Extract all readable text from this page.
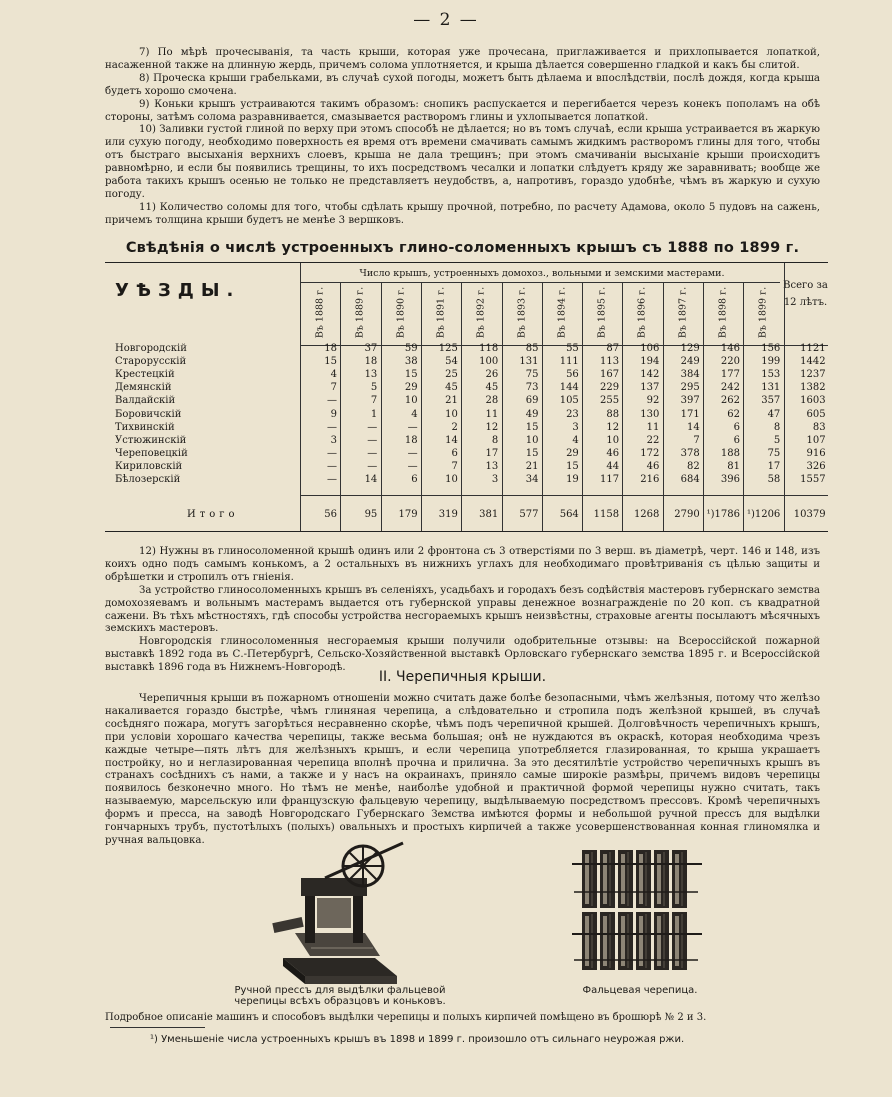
— 2 —

7) По мѣрѣ прочесыванія, та часть крыши, которая уже прочесана, приглаживается и прихлопывается лопаткой, насаженной также на длинную жердь, причемъ солома уплотняется, и крыша дѣлается совершенно гладкой и какъ бы слитой.

8) Проческа крыши грабельками, въ случаѣ сухой погоды, можетъ быть дѣлаема и впослѣдствіи, послѣ дождя, когда крыша будетъ хорошо смочена.

9) Коньки крышъ устраиваются такимъ образомъ: снопикъ распускается и перегибается черезъ конекъ пополамъ на обѣ стороны, затѣмъ солома разравнивается, смазывается растворомъ глины и ухлопывается лопаткой.

10) Заливки густой глиной по верху при этомъ способѣ не дѣлается; но въ томъ случаѣ, если крыша устраивается въ жаркую или сухую погоду, необходимо поверхность ея время отъ времени смачивать самымъ жидкимъ растворомъ глины для того, чтобы отъ быстраго высыханія верхнихъ слоевъ, крыша не дала трещинъ; при этомъ смачиваніи высыханіе крыши происходитъ равномѣрно, и если бы появились трещины, то ихъ посредствомъ чесалки и лопатки слѣдуетъ кряду же заравнивать; вообще же работа такихъ крышъ осенью не только не представляетъ неудобствъ, а, напротивъ, гораздо удобнѣе, чѣмъ въ жаркую и сухую погоду.

11) Количество соломы для того, чтобы сдѣлать крышу прочной, потребно, по расчету Адамова, около 5 пудовъ на сажень, причемъ толщина крыши будетъ не менѣе 3 вершковъ.

Свѣдѣнія о числѣ устроенныхъ глино-соломенныхъ крышъ съ 1888 по 1899 г.
УѢЗДЫ.
Число крышъ, устроенныхъ домохоз., вольными и земскими мастерами.
Всего за
12 лѣтъ.
Итого
Въ 1888 г.	Въ 1889 г.	Въ 1890 г.	Въ 1891 г.	Въ 1892 г.	Въ 1893 г.	Въ 1894 г.	Въ 1895 г.	Въ 1896 г.	Въ 1897 г.	Въ 1898 г.	Въ 1899 г.
Новгородскій	18	37	59	125	118	85	55	87	106	129	146	156	1121
Старорусскій	15	18	38	54	100	131	111	113	194	249	220	199	1442
Крестецкій	4	13	15	25	26	75	56	167	142	384	177	153	1237
Демянскій	7	5	29	45	45	73	144	229	137	295	242	131	1382
Валдайскій	—	7	10	21	28	69	105	255	92	397	262	357	1603
Боровичскій	9	1	4	10	11	49	23	88	130	171	62	47	605
Тихвинскій	—	—	—	2	12	15	3	12	11	14	6	8	83
Устюжинскій	3	—	18	14	8	10	4	10	22	7	6	5	107
Череповецкій	—	—	—	6	17	15	29	46	172	378	188	75	916
Кириловскій	—	—	—	7	13	21	15	44	46	82	81	17	326
Бѣлозерскій	—	14	6	10	3	34	19	117	216	684	396	58	1557
56	95	179	319	381	577	564	1158	1268	2790 ¹)1786 ¹)1206	10379

12) Нужны въ глиносоломенной крышѣ одинъ или 2 фронтона съ 3 отверстіями по 3 верш. въ діаметрѣ, черт. 146 и 148, изъ коихъ одно подъ самымъ конькомъ, а 2 остальныхъ въ нижнихъ углахъ для необходимаго провѣтриванія съ цѣлью защиты и обрѣшетки и стропилъ отъ гніенія.

За устройство глиносоломенныхъ крышъ въ селеніяхъ, усадьбахъ и городахъ безъ содѣйствія мастеровъ губернскаго земства домохозяевамъ и вольнымъ мастерамъ выдается отъ губернской управы денежное вознагражденіе по 20 коп. съ квадратной сажени. Въ тѣхъ мѣстностяхъ, гдѣ способы устройства несгораемыхъ крышъ неизвѣстны, страховые агенты посылаютъ мѣсячныхъ земскихъ мастеровъ.

Новгородскія глиносоломенныя несгораемыя крыши получили одобрительные отзывы: на Всероссійской пожарной выставкѣ 1892 года въ С.-Петербургѣ, Сельско-Хозяйственной выставкѣ Орловскаго губернскаго земства 1895 г. и Всероссійской выставкѣ 1896 года въ Нижнемъ-Новгородѣ.

II. Черепичныя крыши.

Черепичныя крыши въ пожарномъ отношеніи можно считать даже болѣе безопасными, чѣмъ желѣзныя, потому что желѣзо накаливается гораздо быстрѣе, чѣмъ глиняная черепица, а слѣдовательно и стропила подъ желѣзной крышей, въ случаѣ сосѣдняго пожара, могутъ загорѣться несравненно скорѣе, чѣмъ подъ черепичной крышей. Долговѣчность черепичныхъ крышъ, при условіи хорошаго качества черепицы, также весьма большая; онѣ не нуждаются въ окраскѣ, которая необходима чрезъ каждые четыре—пять лѣтъ для желѣзныхъ крышъ, и если черепица употребляется глазированная, то крыша украшаетъ постройку, но и неглазированная черепица вполнѣ прочна и прилична. За это десятилѣтіе устройство черепичныхъ крышъ въ странахъ сосѣднихъ съ нами, а также и у насъ на окраинахъ, приняло самые широкіе размѣры, причемъ видовъ черепицы появилось безконечно много. Но тѣмъ не менѣе, наиболѣе удобной и практичной формой черепицы нужно считать, такъ называемую, марсельскую или французскую фальцевую черепицу, выдѣлываемую посредствомъ прессовъ. Кромѣ черепичныхъ формъ и пресса, на заводѣ Новгородскаго Губернскаго Земства имѣются формы и небольшой ручной прессъ для выдѣлки гончарныхъ трубъ, пустотѣлыхъ (полыхъ) овальныхъ и простыхъ кирпичей а также усовершенствованная конная глиномялка и ручная вальцовка.

Ручной прессъ для выдѣлки фальцевой
черепицы всѣхъ образцовъ и коньковъ.
Фальцевая черепица.
Подробное описаніе машинъ и способовъ выдѣлки черепицы и полыхъ кирпичей помѣщено въ брошюрѣ № 2 и 3.
¹) Уменьшеніе числа устроенныхъ крышъ въ 1898 и 1899 г. произошло отъ сильнаго неурожая ржи.
